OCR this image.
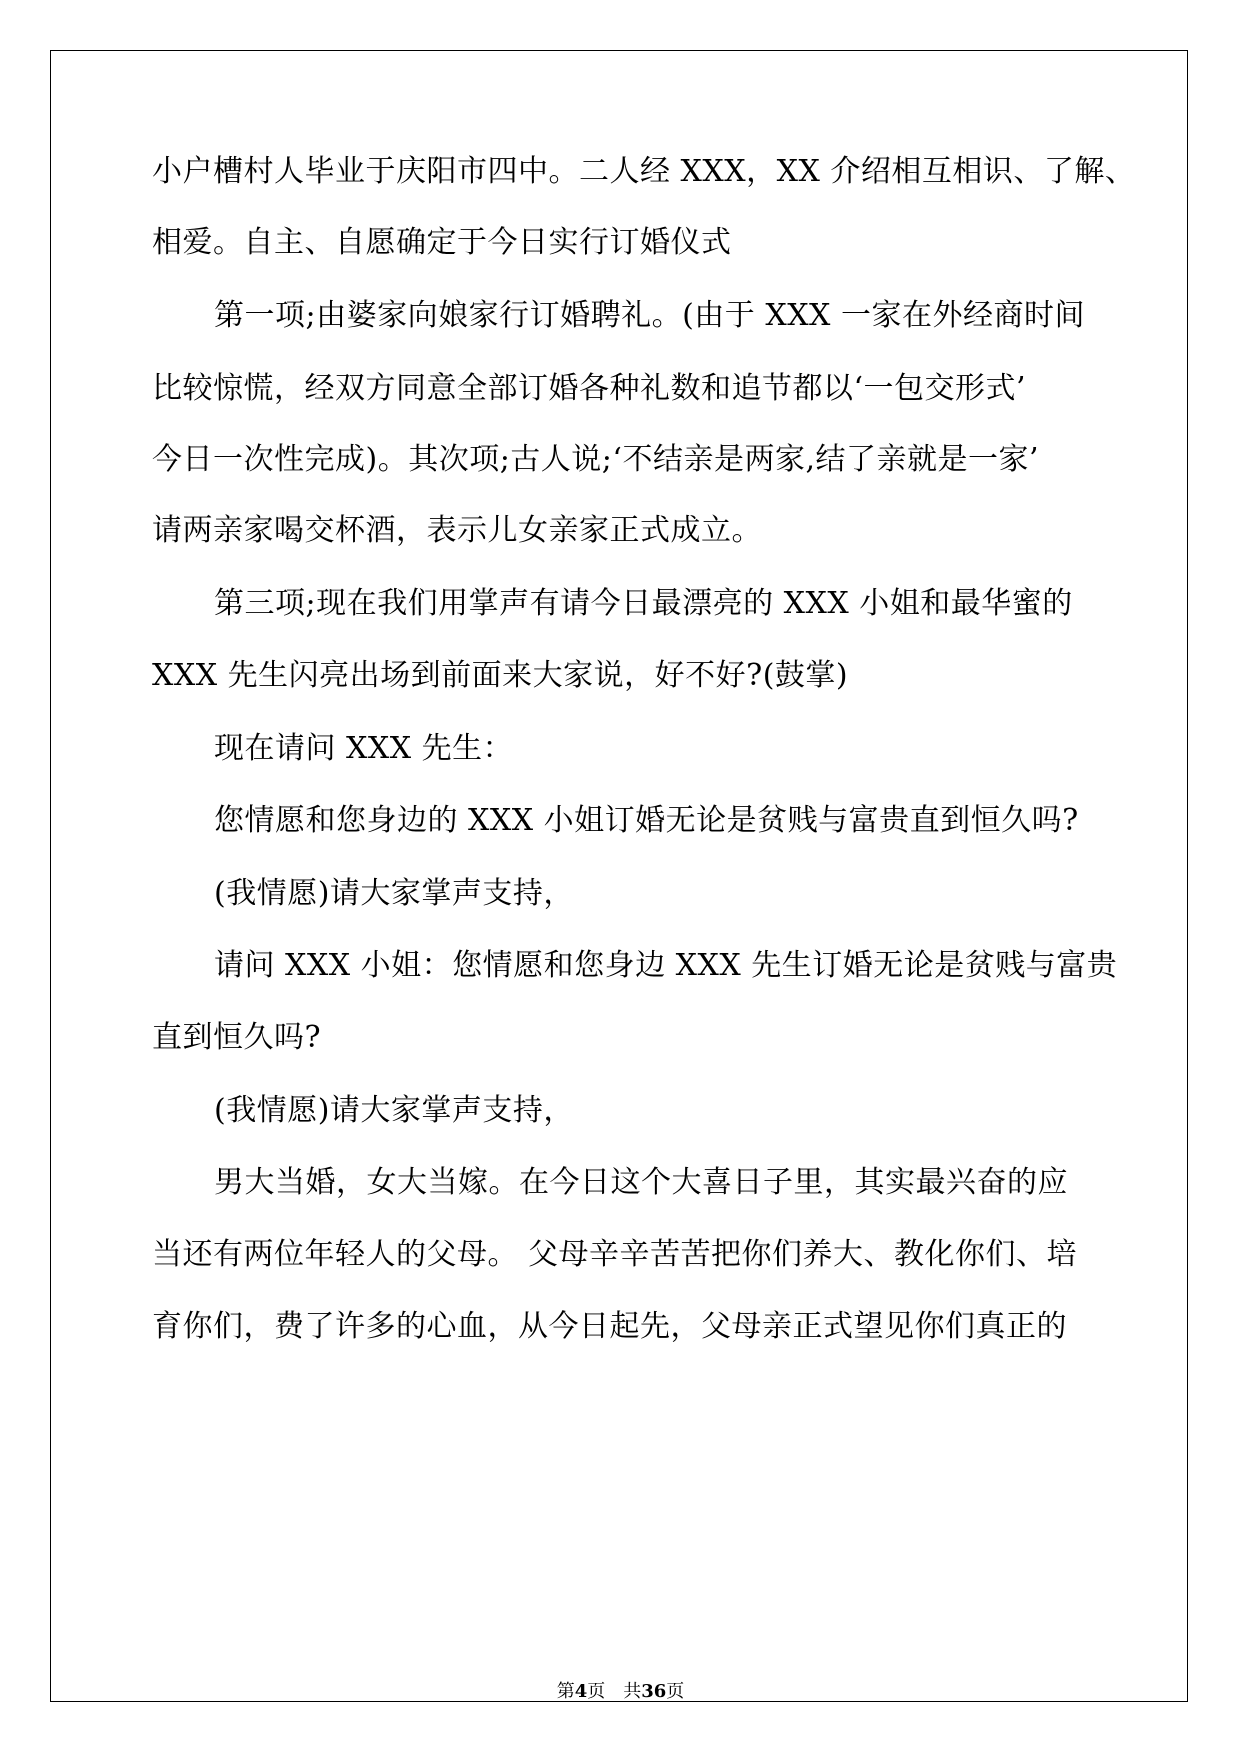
小户槽村人毕业于庆阳市四中。二人经 XXX，XX 介绍相互相识、了解、
相爱。自主、自愿确定于今日实行订婚仪式
第一项;由婆家向娘家行订婚聘礼。(由于 XXX 一家在外经商时间
比较惊慌，经双方同意全部订婚各种礼数和追节都以‘一包交形式’
今日一次性完成)。其次项;古人说;‘不结亲是两家,结了亲就是一家’
请两亲家喝交杯酒，表示儿女亲家正式成立。
第三项;现在我们用掌声有请今日最漂亮的 XXX 小姐和最华蜜的
XXX 先生闪亮出场到前面来大家说，好不好?(鼓掌)
现在请问 XXX 先生：
您情愿和您身边的 XXX 小姐订婚无论是贫贱与富贵直到恒久吗?
(我情愿)请大家掌声支持，
请问 XXX 小姐：您情愿和您身边 XXX 先生订婚无论是贫贱与富贵
直到恒久吗?
(我情愿)请大家掌声支持，
男大当婚，女大当嫁。在今日这个大喜日子里，其实最兴奋的应
当还有两位年轻人的父母。 父母辛辛苦苦把你们养大、教化你们、培
育你们，费了许多的心血，从今日起先，父母亲正式望见你们真正的
第4页　共36页
